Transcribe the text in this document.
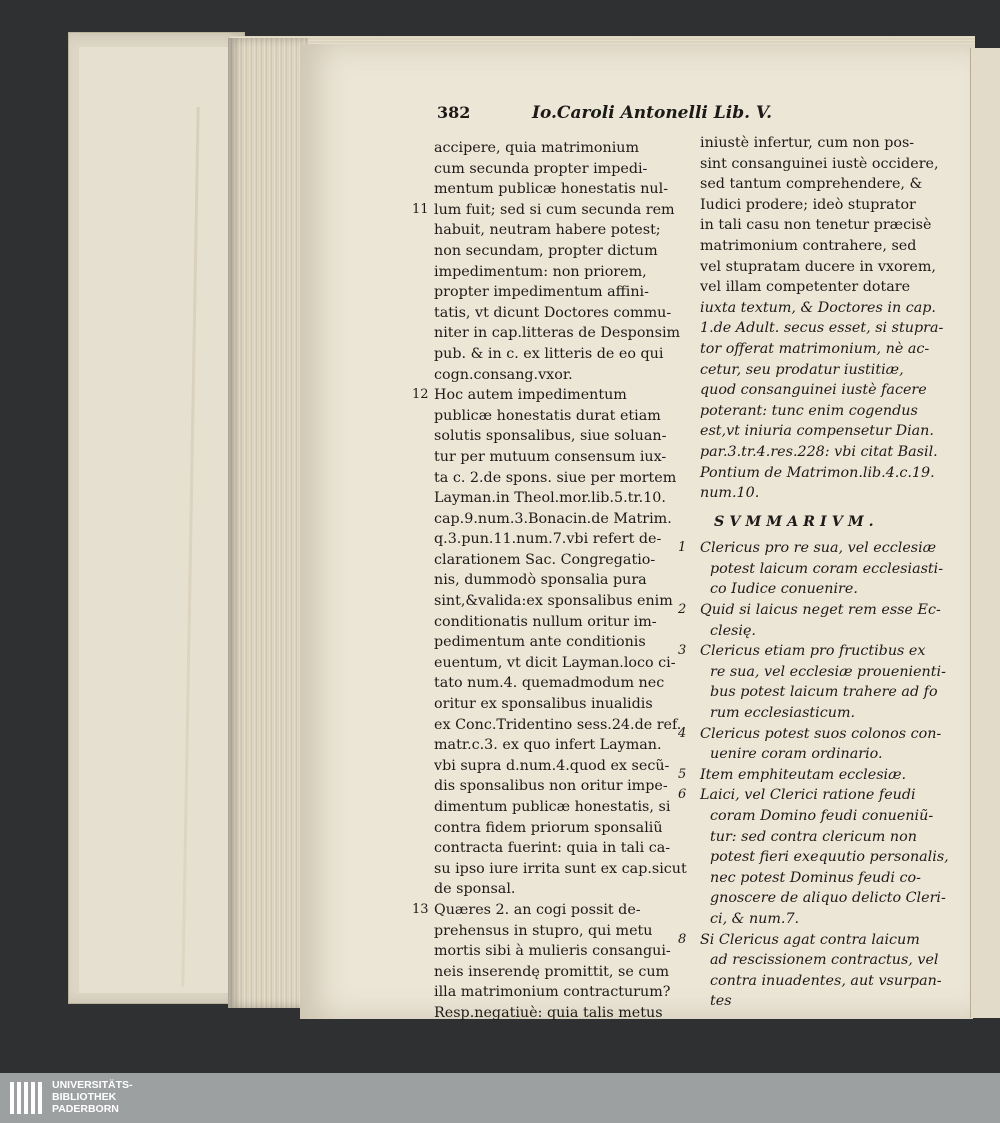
382	Io.Caroli Antonelli Lib. V.
accipere, quia matrimonium
cum secunda propter impedi-
mentum publicæ honestatis nul-
11 lum fuit; sed si cum secunda rem
habuit, neutram habere potest;
non secundam, propter dictum
impedimentum: non priorem,
propter impedimentum affini-
tatis, vt dicunt Doctores commu-
niter in cap.litteras de Desponsim
pub. & in c. ex litteris de eo qui
cogn.consang.vxor.
12 Hoc autem impedimentum
publicæ honestatis durat etiam
solutis sponsalibus, siue soluan-
tur per mutuum consensum iux-
ta c. 2.de spons. siue per mortem
Layman.in Theol.mor.lib.5.tr.10.
cap.9.num.3.Bonacin.de Matrim.
q.3.pun.11.num.7.vbi refert de-
clarationem Sac. Congregatio-
nis, dummodò sponsalia pura
sint,&valida:ex sponsalibus enim
conditionatis nullum oritur im-
pedimentum ante conditionis
euentum, vt dicit Layman.loco ci-
tato num.4. quemadmodum nec
oritur ex sponsalibus inualidis
ex Conc.Tridentino sess.24.de ref.
matr.c.3. ex quo infert Layman.
vbi supra d.num.4.quod ex secũ-
dis sponsalibus non oritur impe-
dimentum publicæ honestatis, si
contra fidem priorum sponsaliũ
contracta fuerint: quia in tali ca-
su ipso iure irrita sunt ex cap.sicut
de sponsal.
13 Quæres 2. an cogi possit de-
prehensus in stupro, qui metu
mortis sibi à mulieris consangui-
neis inserendę promittit, se cum
illa matrimonium contracturum?
Resp.negatiuè: quia talis metus
iniustè infertur, cum non pos-
sint consanguinei iustè occidere,
sed tantum comprehendere, &
Iudici prodere; ideò stuprator
in tali casu non tenetur præcisè
matrimonium contrahere, sed
vel stupratam ducere in vxorem,
vel illam competenter dotare
iuxta textum, & Doctores in cap.
1.de Adult. secus esset, si stupra-
tor offerat matrimonium, nè ac-
cetur, seu prodatur iustitiæ,
quod consanguinei iustè facere
poterant: tunc enim cogendus
est,vt iniuria compensetur Dian.
par.3.tr.4.res.228: vbi citat Basil.
Pontium de Matrimon.lib.4.c.19.
num.10.
SVMMARIVM.
1 Clericus pro re sua, vel ecclesiæ
potest laicum coram ecclesiasti-
co Iudice conuenire.
2 Quid si laicus neget rem esse Ec-
clesię.
3 Clericus etiam pro fructibus ex
re sua, vel ecclesiæ prouenienti-
bus potest laicum trahere ad fo
rum ecclesiasticum.
4 Clericus potest suos colonos con-
uenire coram ordinario.
5 Item emphiteutam ecclesiæ.
6 Laici, vel Clerici ratione feudi
coram Domino feudi conueniũ-
tur: sed contra clericum non
potest fieri exequutio personalis,
nec potest Dominus feudi co-
gnoscere de aliquo delicto Cleri-
ci, & num.7.
8 Si Clericus agat contra laicum
ad rescissionem contractus, vel
contra inuadentes, aut vsurpan-
tes
UNIVERSITÄTS-
BIBLIOTHEK
PADERBORN
